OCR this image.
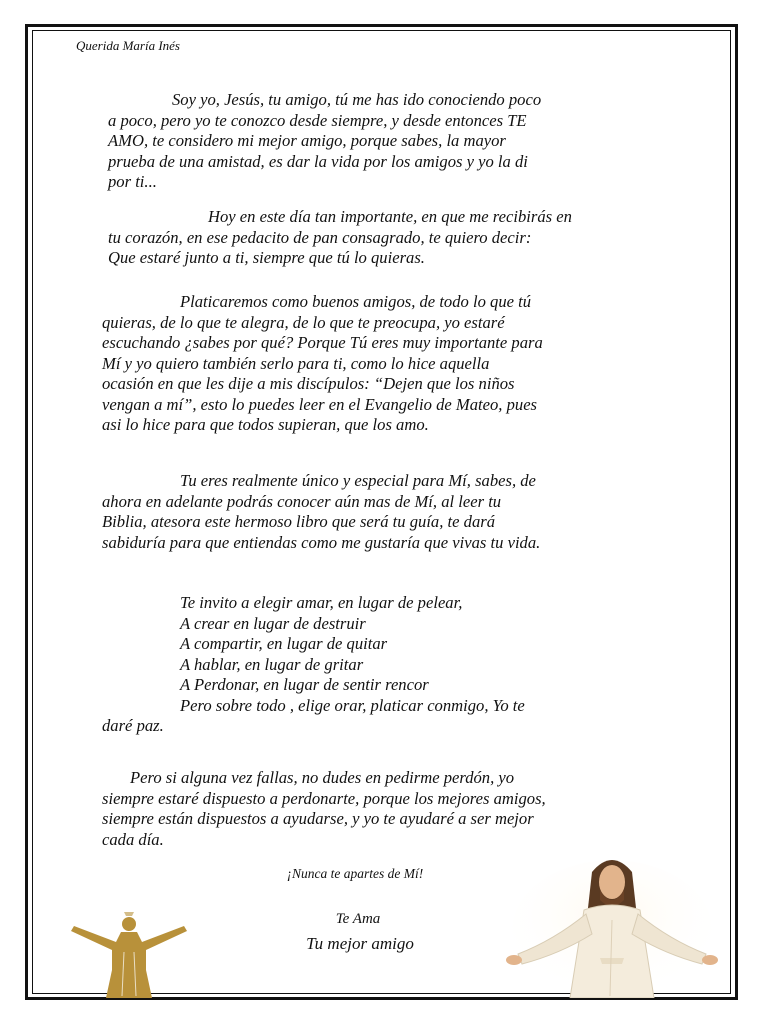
Querida María Inés
Soy yo, Jesús, tu amigo, tú me has ido conociendo poco
a poco, pero yo te conozco desde siempre, y desde entonces TE
AMO, te considero mi mejor amigo, porque sabes, la mayor
prueba de una amistad, es dar la vida por los amigos y yo la di
por ti...
Hoy en este día tan importante, en que me recibirás en
tu corazón, en ese pedacito de pan consagrado, te quiero decir:
Que estaré junto a ti, siempre que tú lo quieras.
Platicaremos como buenos amigos, de todo lo que tú
quieras, de lo que te alegra, de lo que te preocupa, yo estaré
escuchando ¿sabes por qué? Porque Tú eres muy importante para
Mí y yo quiero también serlo para ti, como lo hice aquella
ocasión en que les dije a mis discípulos: “Dejen que los niños
vengan a mí”, esto lo puedes leer en el Evangelio de Mateo, pues
asi lo hice para que todos supieran, que los amo.
Tu eres realmente único y especial para Mí, sabes, de
ahora en adelante podrás conocer aún mas de Mí, al leer tu
Biblia, atesora este hermoso libro que será tu guía, te dará
sabiduría para que entiendas como me gustaría que vivas tu vida.
Te invito a elegir amar, en lugar de pelear,
A crear en lugar de destruir
A compartir, en lugar de quitar
A hablar, en lugar de gritar
A Perdonar, en lugar de sentir rencor
Pero sobre todo , elige orar, platicar conmigo, Yo te
daré paz.
Pero si alguna vez fallas, no dudes en pedirme perdón, yo
siempre estaré dispuesto a perdonarte, porque los mejores amigos,
siempre están dispuestos a ayudarse, y yo te ayudaré a ser mejor
cada día.
¡Nunca te apartes de Mí!
Te Ama
Tu mejor amigo
